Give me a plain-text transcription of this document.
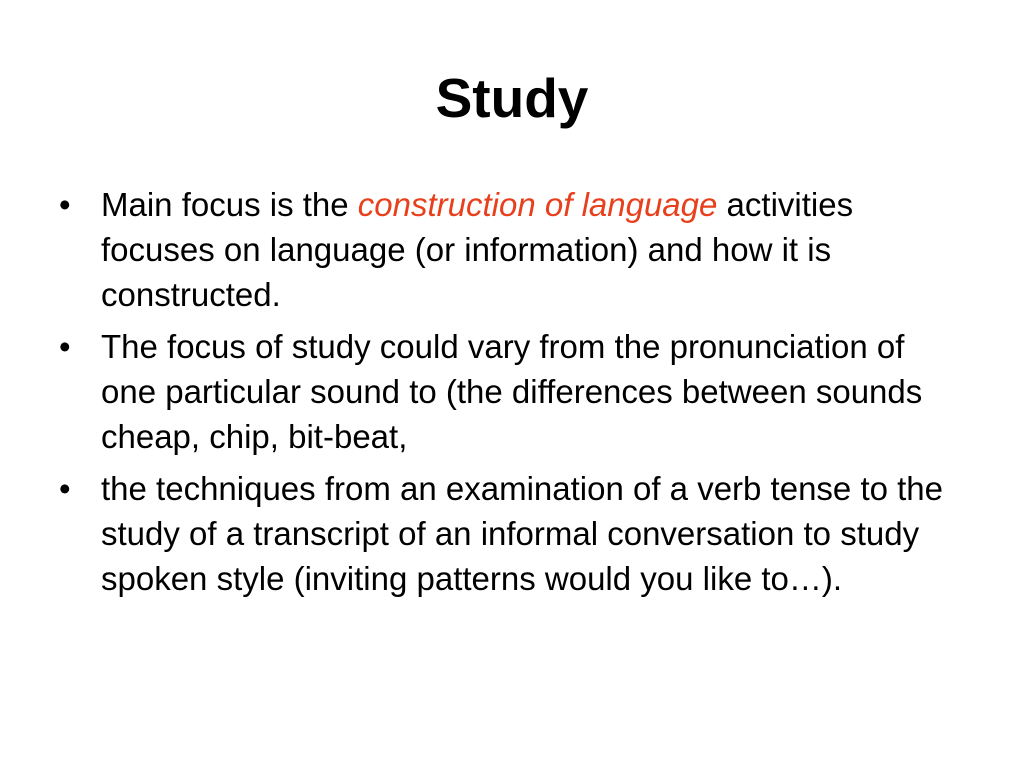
Study
• Main focus is the construction of language activities focuses on language (or information) and how it is constructed.
• The focus of study could vary from the pronunciation of one particular sound to (the differences between sounds cheap, chip, bit-beat,
• the techniques from an examination of a verb tense to the study of a transcript of an informal conversation to study spoken style (inviting patterns would you like to…).
